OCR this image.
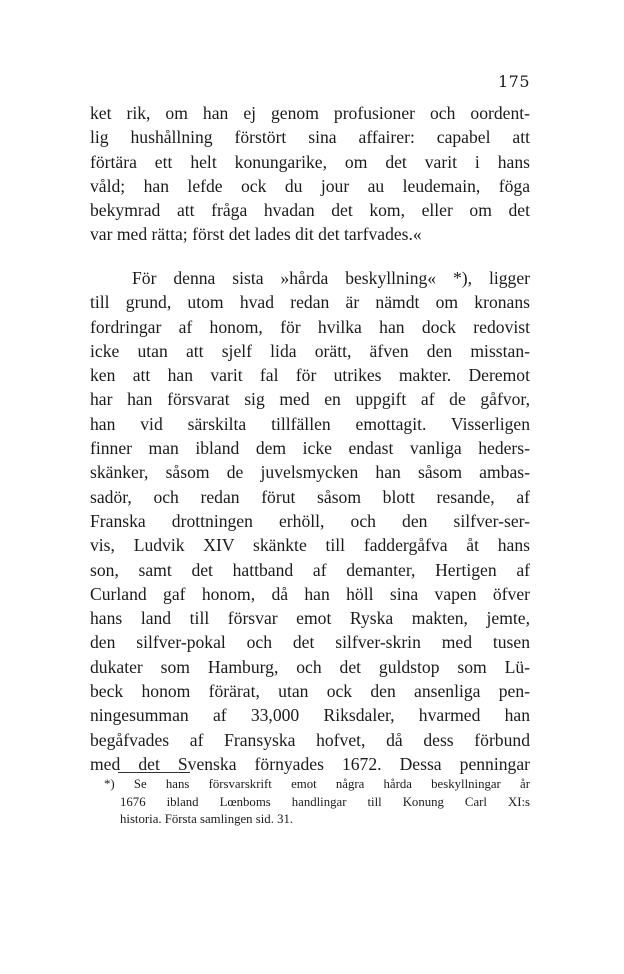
175
ket rik, om han ej genom profusioner och oordent-
lig hushållning förstört sina affairer: capabel att
förtära ett helt konungarike, om det varit i hans
våld; han lefde ock du jour au leudemain, föga
bekymrad att fråga hvadan det kom, eller om det
var med rätta; först det lades dit det tarfvades.«
För denna sista »hårda beskyllning« *), ligger
till grund, utom hvad redan är nämdt om kronans
fordringar af honom, för hvilka han dock redovist
icke utan att sjelf lida orätt, äfven den misstan-
ken att han varit fal för utrikes makter. Deremot
har han försvarat sig med en uppgift af de gåfvor,
han vid särskilta tillfällen emottagit. Visserligen
finner man ibland dem icke endast vanliga heders-
skänker, såsom de juvelsmycken han såsom ambas-
sadör, och redan förut såsom blott resande, af
Franska drottningen erhöll, och den silfver-ser-
vis, Ludvik XIV skänkte till faddergåfva åt hans
son, samt det hattband af demanter, Hertigen af
Curland gaf honom, då han höll sina vapen öfver
hans land till försvar emot Ryska makten, jemte,
den silfver-pokal och det silfver-skrin med tusen
dukater som Hamburg, och det guldstop som Lü-
beck honom förärat, utan ock den ansenliga pen-
ningesumman af 33,000 Riksdaler, hvarmed han
begåfvades af Fransyska hofvet, då dess förbund
med det Svenska förnyades 1672. Dessa penningar
*) Se hans försvarskrift emot några hårda beskyllningar år
1676 ibland Lœnboms handlingar till Konung Carl XI:s
historia. Första samlingen sid. 31.
